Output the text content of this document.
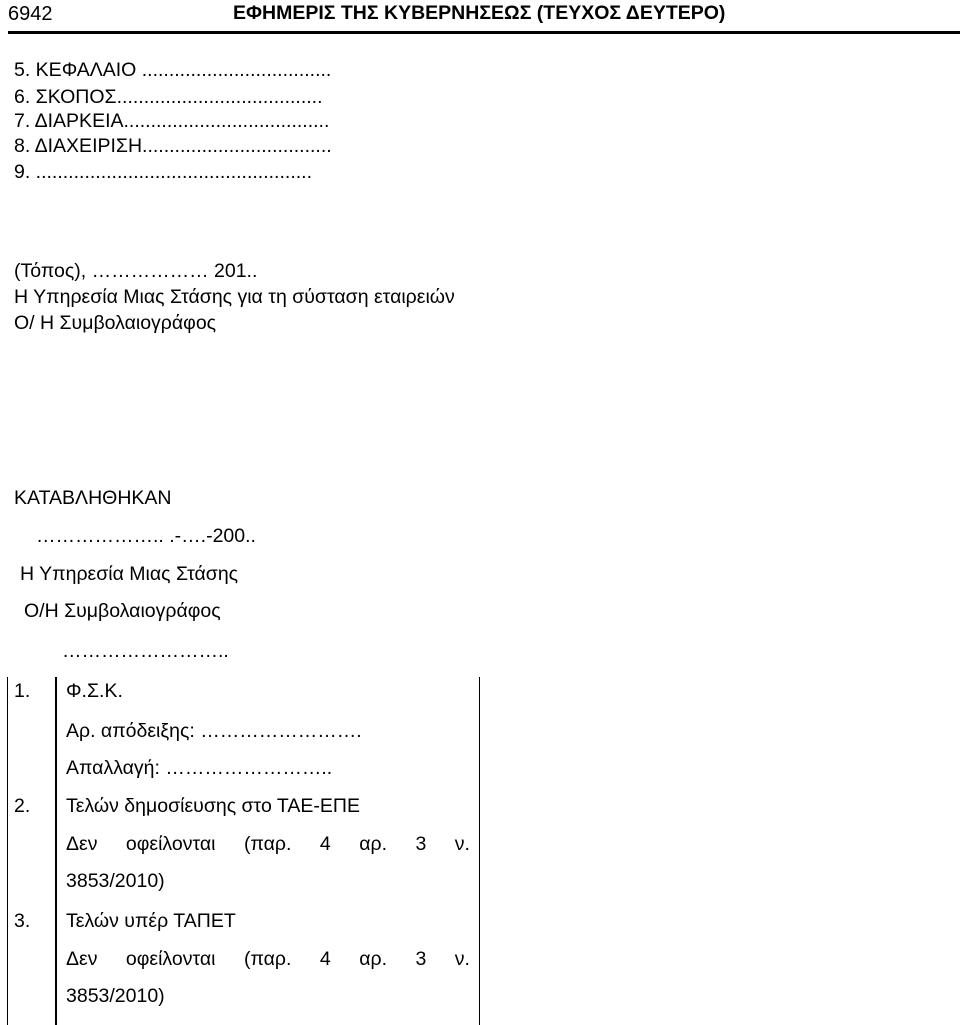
6942	ΕΦΗΜΕΡΙΣ ΤΗΣ ΚΥΒΕΡΝΗΣΕΩΣ (ΤΕΥΧΟΣ ΔΕΥΤΕΡΟ)
5. ΚΕΦΑΛΑΙΟ ...................................
6. ΣΚΟΠΟΣ......................................
7. ΔΙΑΡΚΕΙΑ......................................
8. ΔΙΑΧΕΙΡΙΣΗ...................................
9. ...................................................
(Τόπος), ……………… 201..
Η Υπηρεσία Μιας Στάσης για τη σύσταση εταιρειών
Ο/ Η Συμβολαιογράφος
ΚΑΤΑΒΛΗΘΗΚΑΝ
……………….. .-….-200..
Η Υπηρεσία Μιας Στάσης
Ο/Η Συμβολαιογράφος
……………………..
1. Φ.Σ.Κ.
Αρ. απόδειξης: …………………….
Απαλλαγή: ……………………..
2. Τελών δημοσίευσης στο ΤΑΕ-ΕΠΕ
Δεν οφείλονται (παρ. 4 αρ. 3 ν.
3853/2010)
3. Τελών υπέρ ΤΑΠΕΤ
Δεν οφείλονται (παρ. 4 αρ. 3 ν.
3853/2010)
